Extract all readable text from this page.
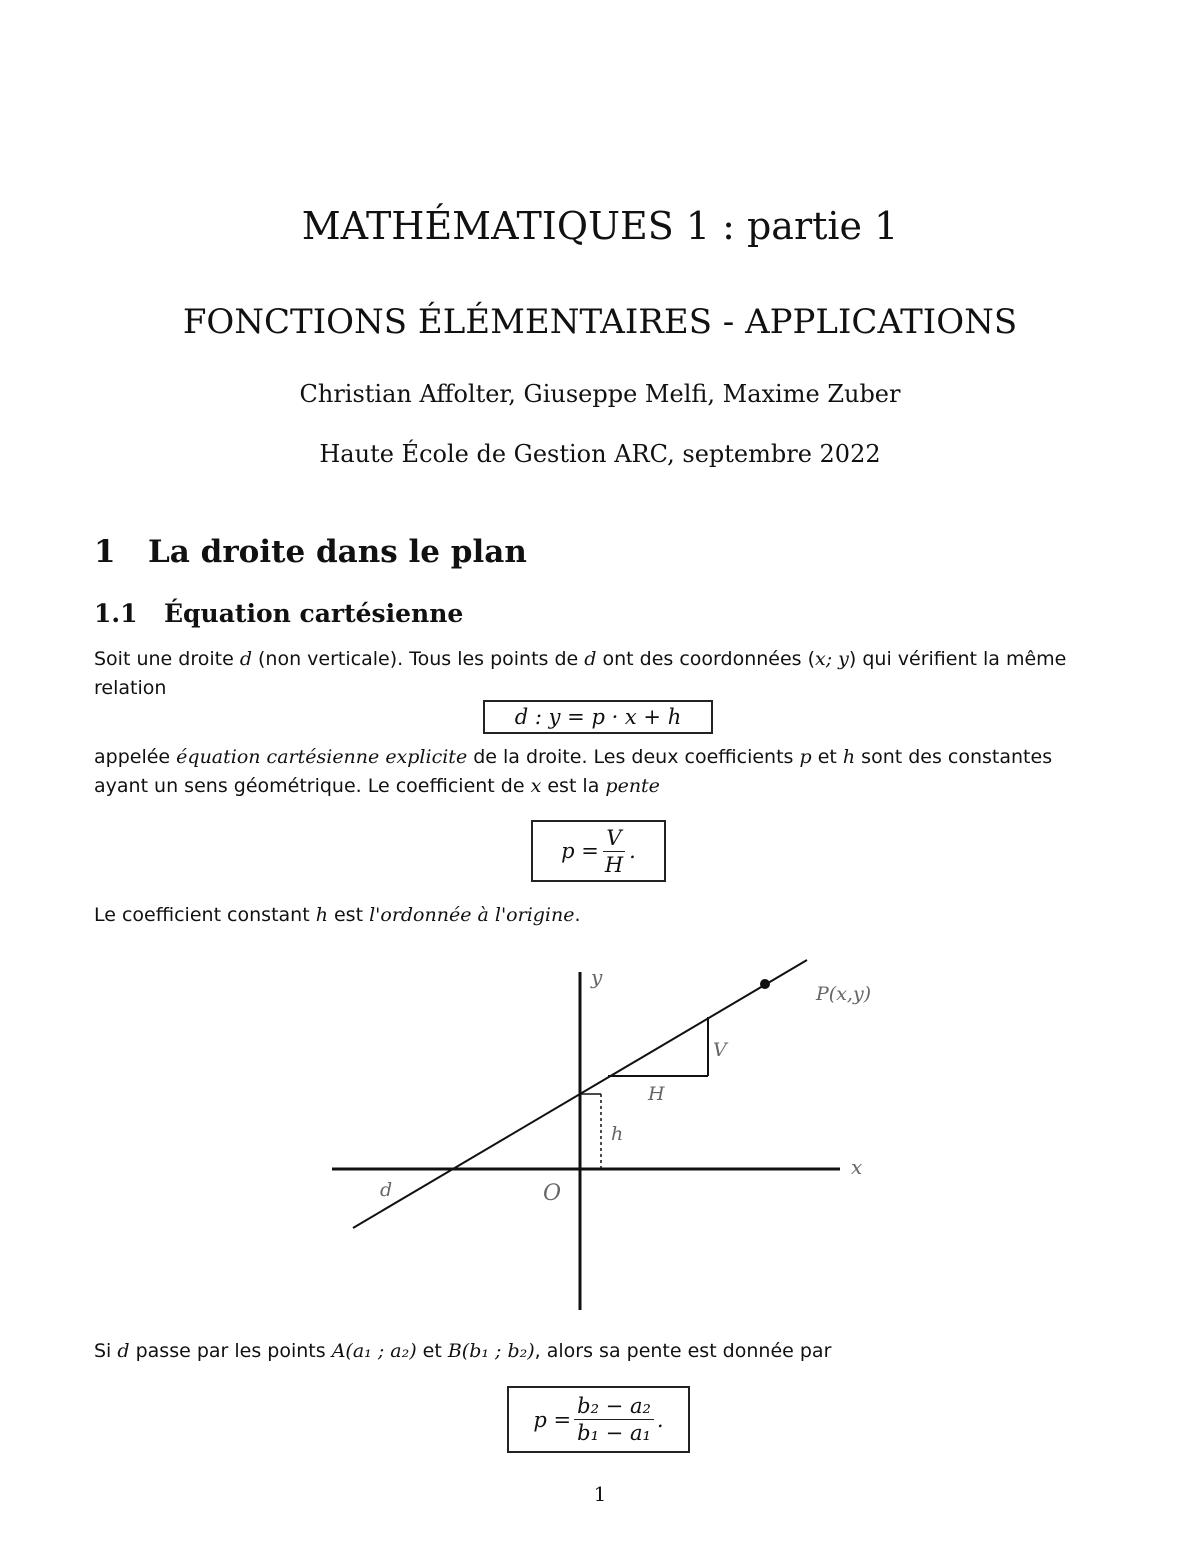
MATHÉMATIQUES 1 : partie 1
FONCTIONS ÉLÉMENTAIRES - APPLICATIONS
Christian Affolter, Giuseppe Melfi, Maxime Zuber
Haute École de Gestion ARC, septembre 2022
1 La droite dans le plan
1.1 Équation cartésienne
Soit une droite d (non verticale). Tous les points de d ont des coordonnées (x; y) qui vérifient la même relation
d : y = p · x + h
appelée équation cartésienne explicite de la droite. Les deux coefficients p et h sont des constantes ayant un sens géométrique. Le coefficient de x est la pente
$p = \frac{V}{H}$ .
Le coefficient constant h est l'ordonnée à l'origine.
y
x
P(x,y)
V
H
h
d	O
Si d passe par les points A(a₁ ; a₂) et B(b₁ ; b₂), alors sa pente est donnée par
$p = \frac{\text{b₂ − a₂}}{\text{b₁ − a₁}}$ .
1
